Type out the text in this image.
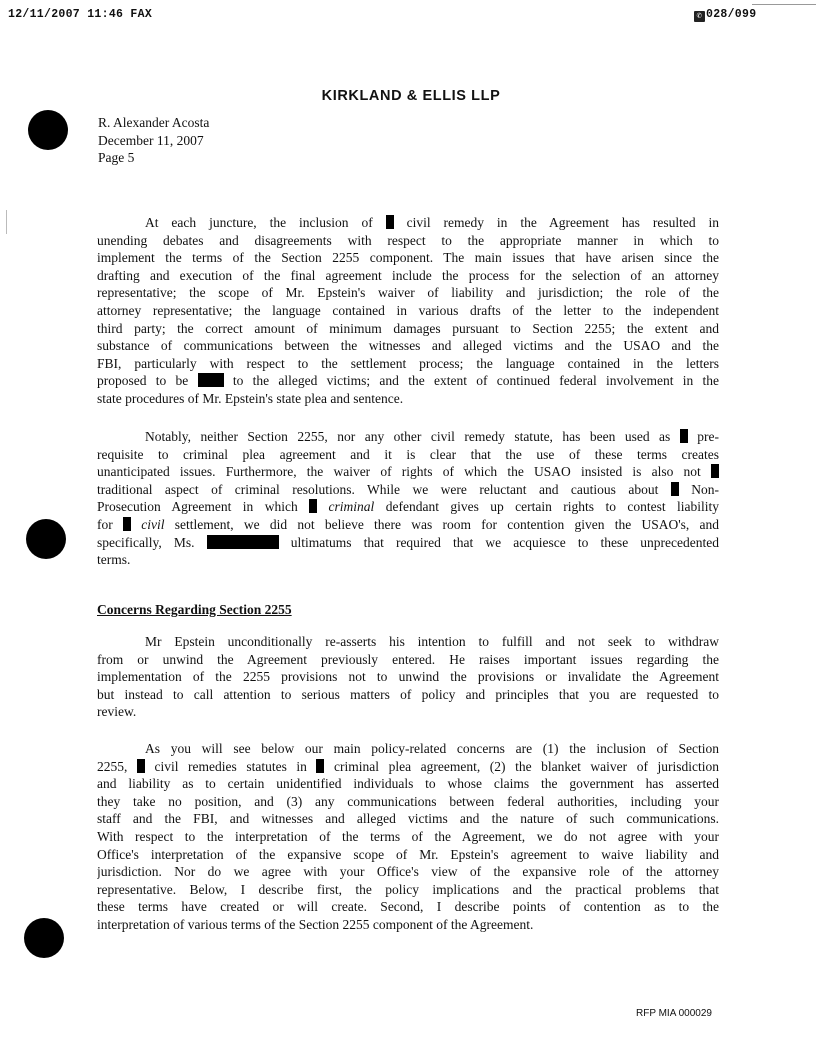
12/11/2007 11:46 FAX	✆ 028/099
KIRKLAND & ELLIS LLP
R. Alexander Acosta
December 11, 2007
Page 5
At each juncture, the inclusion of	civil remedy in the Agreement has resulted in
unending debates and disagreements with respect to the appropriate manner in which to
implement the terms of the Section 2255 component. The main issues that have arisen since the
drafting and execution of the final agreement include the process for the selection of an attorney
representative; the scope of Mr. Epstein's waiver of liability and jurisdiction; the role of the
attorney representative; the language contained in various drafts of the letter to the independent
third party; the correct amount of minimum damages pursuant to Section 2255; the extent and
substance of communications between the witnesses and alleged victims and the USAO and the
FBI, particularly with respect to the settlement process; the language contained in the letters
proposed to be	to the alleged victims; and the extent of continued federal involvement in the
state procedures of Mr. Epstein's state plea and sentence.
Notably, neither Section 2255, nor any other civil remedy statute, has been used as pre-
requisite to criminal plea agreement and it is clear that the use of these terms creates
unanticipated issues. Furthermore, the waiver of rights of which the USAO insisted is also not
traditional aspect of criminal resolutions. While we were reluctant and cautious about Non-
Prosecution Agreement in which criminal defendant gives up certain rights to contest liability
for civil settlement, we did not believe there was room for contention given the USAO's, and
specifically, Ms.	ultimatums that required that we acquiesce to these unprecedented
terms.
Concerns Regarding Section 2255
Mr Epstein unconditionally re-asserts his intention to fulfill and not seek to withdraw
from or unwind the Agreement previously entered. He raises important issues regarding the
implementation of the 2255 provisions not to unwind the provisions or invalidate the Agreement
but instead to call attention to serious matters of policy and principles that you are requested to
review.
As you will see below our main policy-related concerns are (1) the inclusion of Section
2255, civil remedies statutes in criminal plea agreement, (2) the blanket waiver of jurisdiction
and liability as to certain unidentified individuals to whose claims the government has asserted
they take no position, and (3) any communications between federal authorities, including your
staff and the FBI, and witnesses and alleged victims and the nature of such communications.
With respect to the interpretation of the terms of the Agreement, we do not agree with your
Office's interpretation of the expansive scope of Mr. Epstein's agreement to waive liability and
jurisdiction. Nor do we agree with your Office's view of the expansive role of the attorney
representative. Below, I describe first, the policy implications and the practical problems that
these terms have created or will create. Second, I describe points of contention as to the
interpretation of various terms of the Section 2255 component of the Agreement.
RFP MIA 000029
